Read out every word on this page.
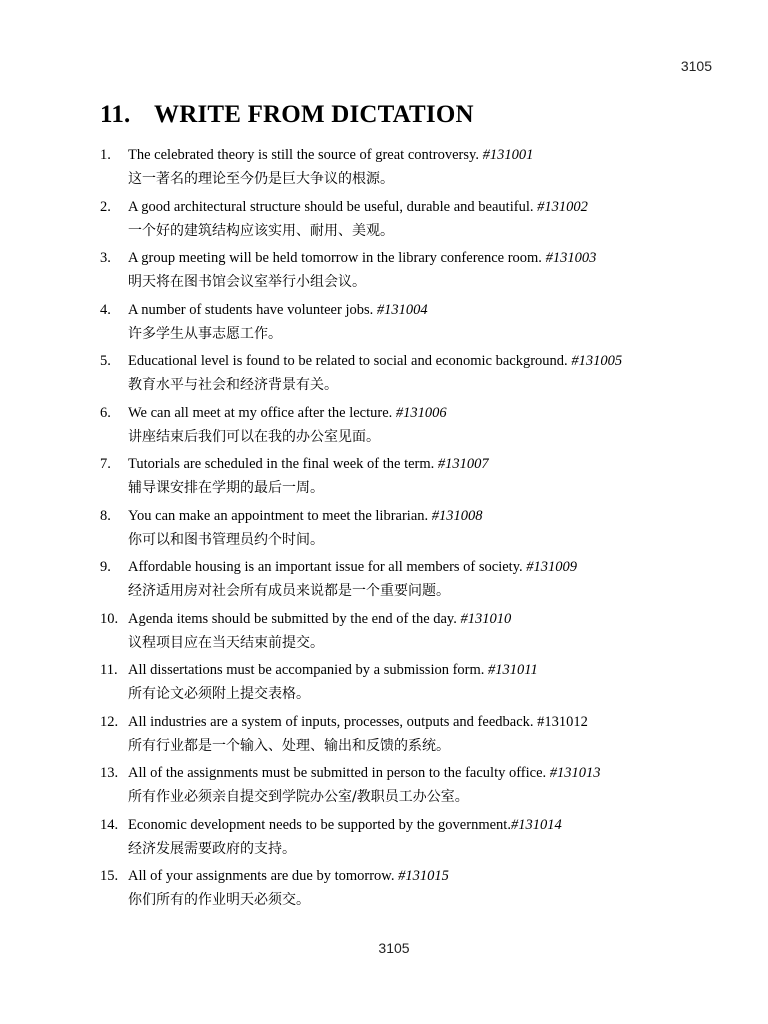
3105
11. WRITE FROM DICTATION
1. The celebrated theory is still the source of great controversy. #131001
这一著名的理论至今仍是巨大争议的根源。
2. A good architectural structure should be useful, durable and beautiful. #131002
一个好的建筑结构应该实用、耐用、美观。
3. A group meeting will be held tomorrow in the library conference room. #131003
明天将在图书馆会议室举行小组会议。
4. A number of students have volunteer jobs. #131004
许多学生从事志愿工作。
5. Educational level is found to be related to social and economic background. #131005
教育水平与社会和经济背景有关。
6. We can all meet at my office after the lecture. #131006
讲座结束后我们可以在我的办公室见面。
7. Tutorials are scheduled in the final week of the term. #131007
辅导课安排在学期的最后一周。
8. You can make an appointment to meet the librarian. #131008
你可以和图书管理员约个时间。
9. Affordable housing is an important issue for all members of society. #131009
经济适用房对社会所有成员来说都是一个重要问题。
10. Agenda items should be submitted by the end of the day. #131010
议程项目应在当天结束前提交。
11. All dissertations must be accompanied by a submission form. #131011
所有论文必须附上提交表格。
12. All industries are a system of inputs, processes, outputs and feedback. #131012
所有行业都是一个输入、处理、输出和反馈的系统。
13. All of the assignments must be submitted in person to the faculty office. #131013
所有作业必须亲自提交到学院办公室/教职员工办公室。
14. Economic development needs to be supported by the government.#131014
经济发展需要政府的支持。
15. All of your assignments are due by tomorrow. #131015
你们所有的作业明天必须交。
3105
